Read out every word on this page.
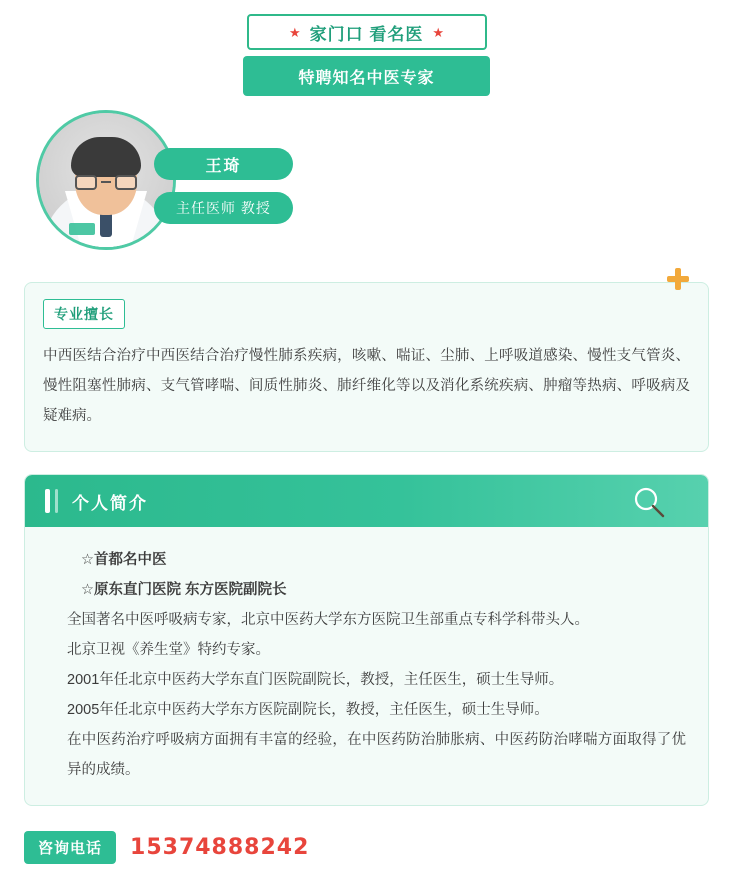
★ 家门口 看名医 ★
特聘知名中医专家
王琦
主任医师 教授
专业擅长
中西医结合治疗中西医结合治疗慢性肺系疾病，咳嗽、喘证、尘肺、上呼吸道感染、慢性支气管炎、慢性阻塞性肺病、支气管哮喘、间质性肺炎、肺纤维化等以及消化系统疾病、肿瘤等热病、呼吸病及疑难病。
个人简介
☆首都名中医
☆原东直门医院 东方医院副院长
全国著名中医呼吸病专家，北京中医药大学东方医院卫生部重点专科学科带头人。
北京卫视《养生堂》特约专家。
2001年任北京中医药大学东直门医院副院长，教授，主任医生，硕士生导师。
2005年任北京中医药大学东方医院副院长，教授，主任医生，硕士生导师。
在中医药治疗呼吸病方面拥有丰富的经验，在中医药防治肺胀病、中医药防治哮喘方面取得了优异的成绩。
咨询电话	15374888242
